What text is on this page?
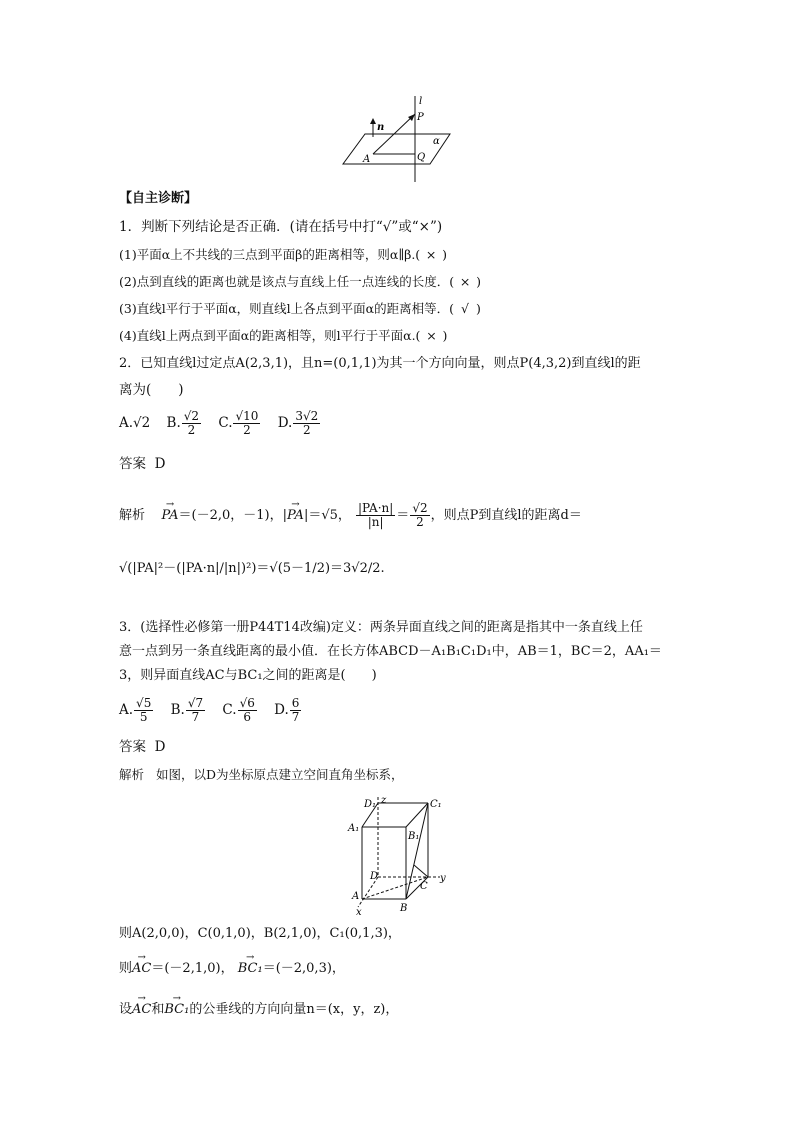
l
n
P
α
A	Q
【自主诊断】
1．判断下列结论是否正确．(请在括号中打“√”或“×”)
(1)平面α上不共线的三点到平面β的距离相等，则α∥β.( × )
(2)点到直线的距离也就是该点与直线上任一点连线的长度．( × )
(3)直线l平行于平面α，则直线l上各点到平面α的距离相等．( √ )
(4)直线l上两点到平面α的距离相等，则l平行于平面α.( × )
2．已知直线l过定点A(2,3,1)，且n=(0,1,1)为其一个方向向量，则点P(4,3,2)到直线l的距
离为(　　)
A.√2 B. $\frac{√2}{2} C$. $\frac{√10}{2} D$. $\frac{3√2}{2}$
答案 D
解析 → PA＝(－2,0，－1)，|→ PA|＝√5， $\frac{|PA\cdot n|}{|n|} = \frac{√2}{2}$ ，则点P到直线l的距离d＝
√(|PA|²－(|PA·n|/|n|)²)＝√(5－1/2)＝3√2/2.
3．(选择性必修第一册P44T14改编)定义：两条异面直线之间的距离是指其中一条直线上任
意一点到另一条直线距离的最小值．在长方体ABCD－A₁B₁C₁D₁中，AB＝1，BC＝2，AA₁＝
3，则异面直线AC与BC₁之间的距离是(　　)
A. $\frac{√5}{5} B$. $\frac{√7}{7} C$. $\frac{√6}{6} D$. $\frac{6}{7}$
答案 D
解析 如图，以D为坐标原点建立空间直角坐标系，
D₁ z	C₁
A₁
B₁
D
C
y
A
x	B
则A(2,0,0)，C(0,1,0)，B(2,1,0)，C₁(0,1,3)，
则→ AC＝(－2,1,0)， → BC₁＝(－2,0,3)，
设→ AC和→ BC₁的公垂线的方向向量n＝(x，y，z)，
